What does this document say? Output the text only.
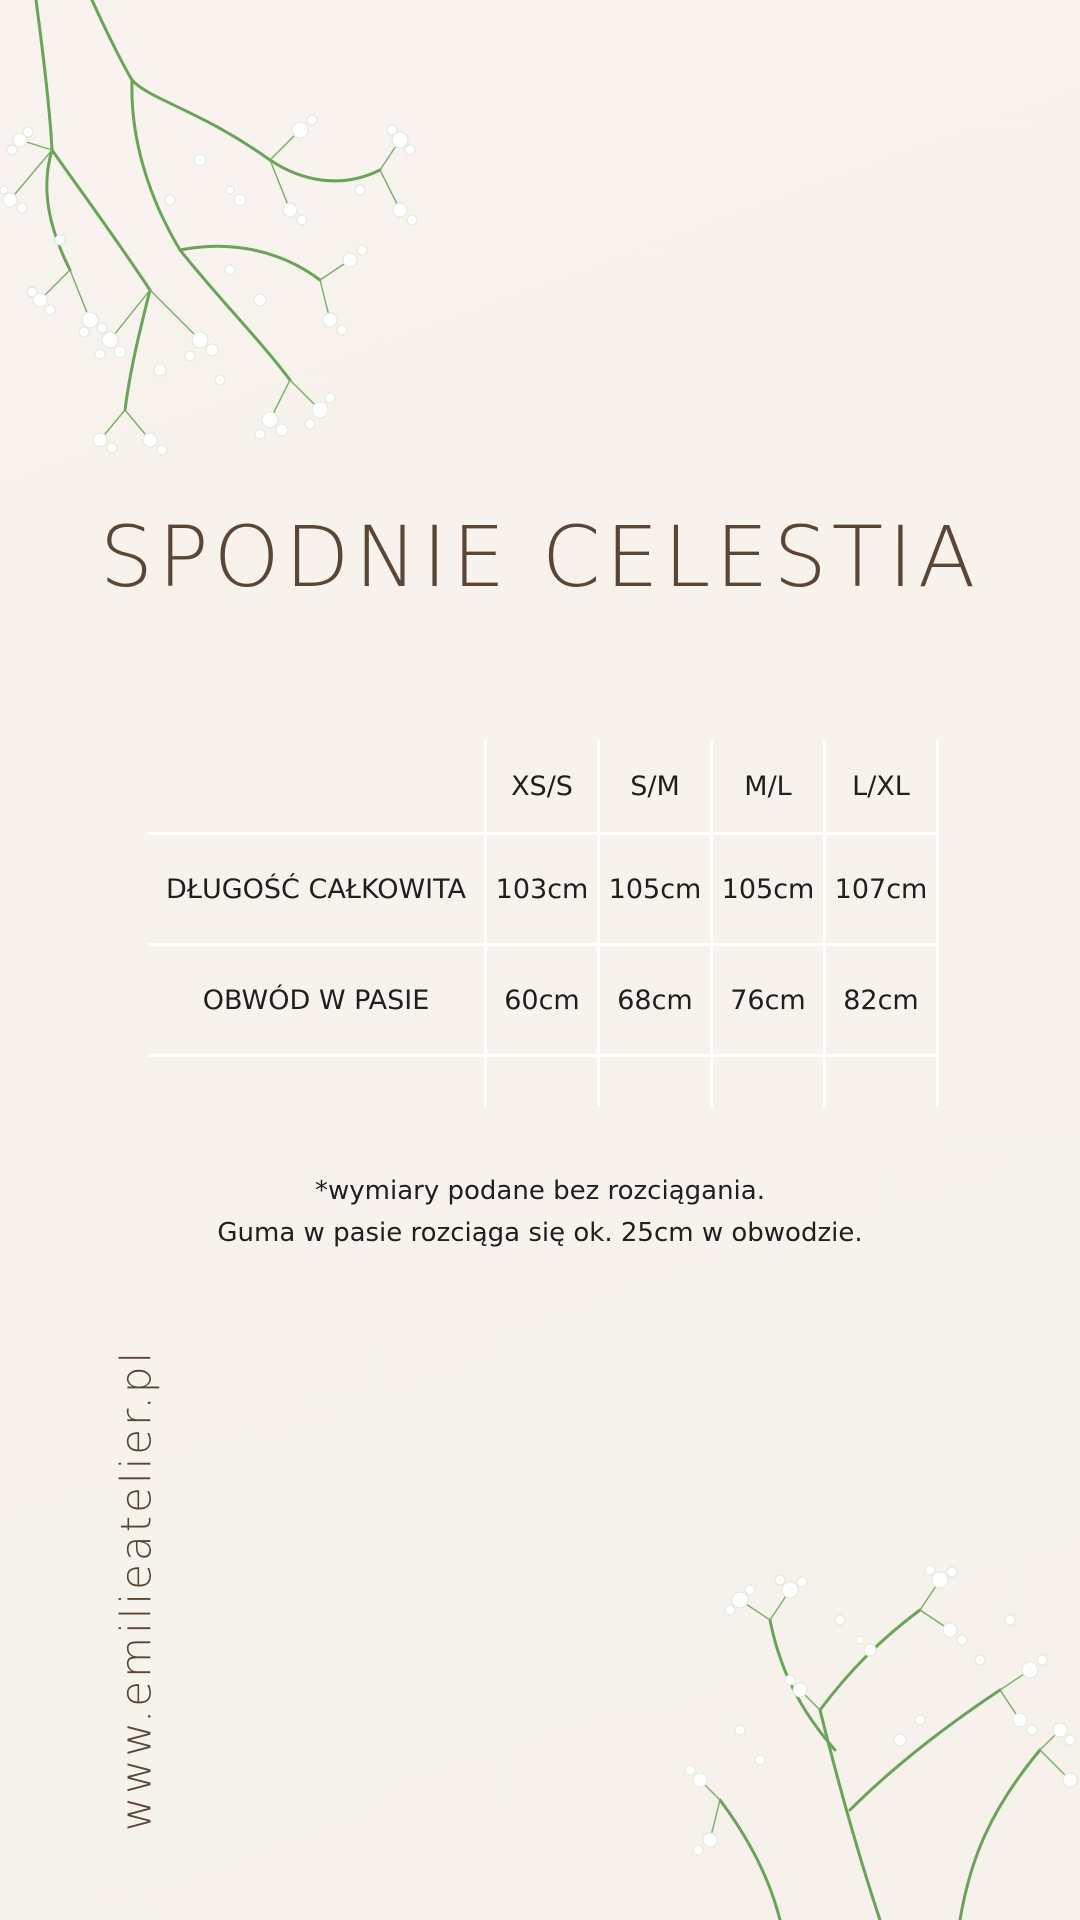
SPODNIE CELESTIA
	XS/S	S/M	M/L	L/XL
DŁUGOŚĆ CAŁKOWITA	103cm	105cm	105cm	107cm
OBWÓD W PASIE	60cm	68cm	76cm	82cm

*wymiary podane bez rozciągania.
Guma w pasie rozciąga się ok. 25cm w obwodzie.
www.emilieatelier.pl
